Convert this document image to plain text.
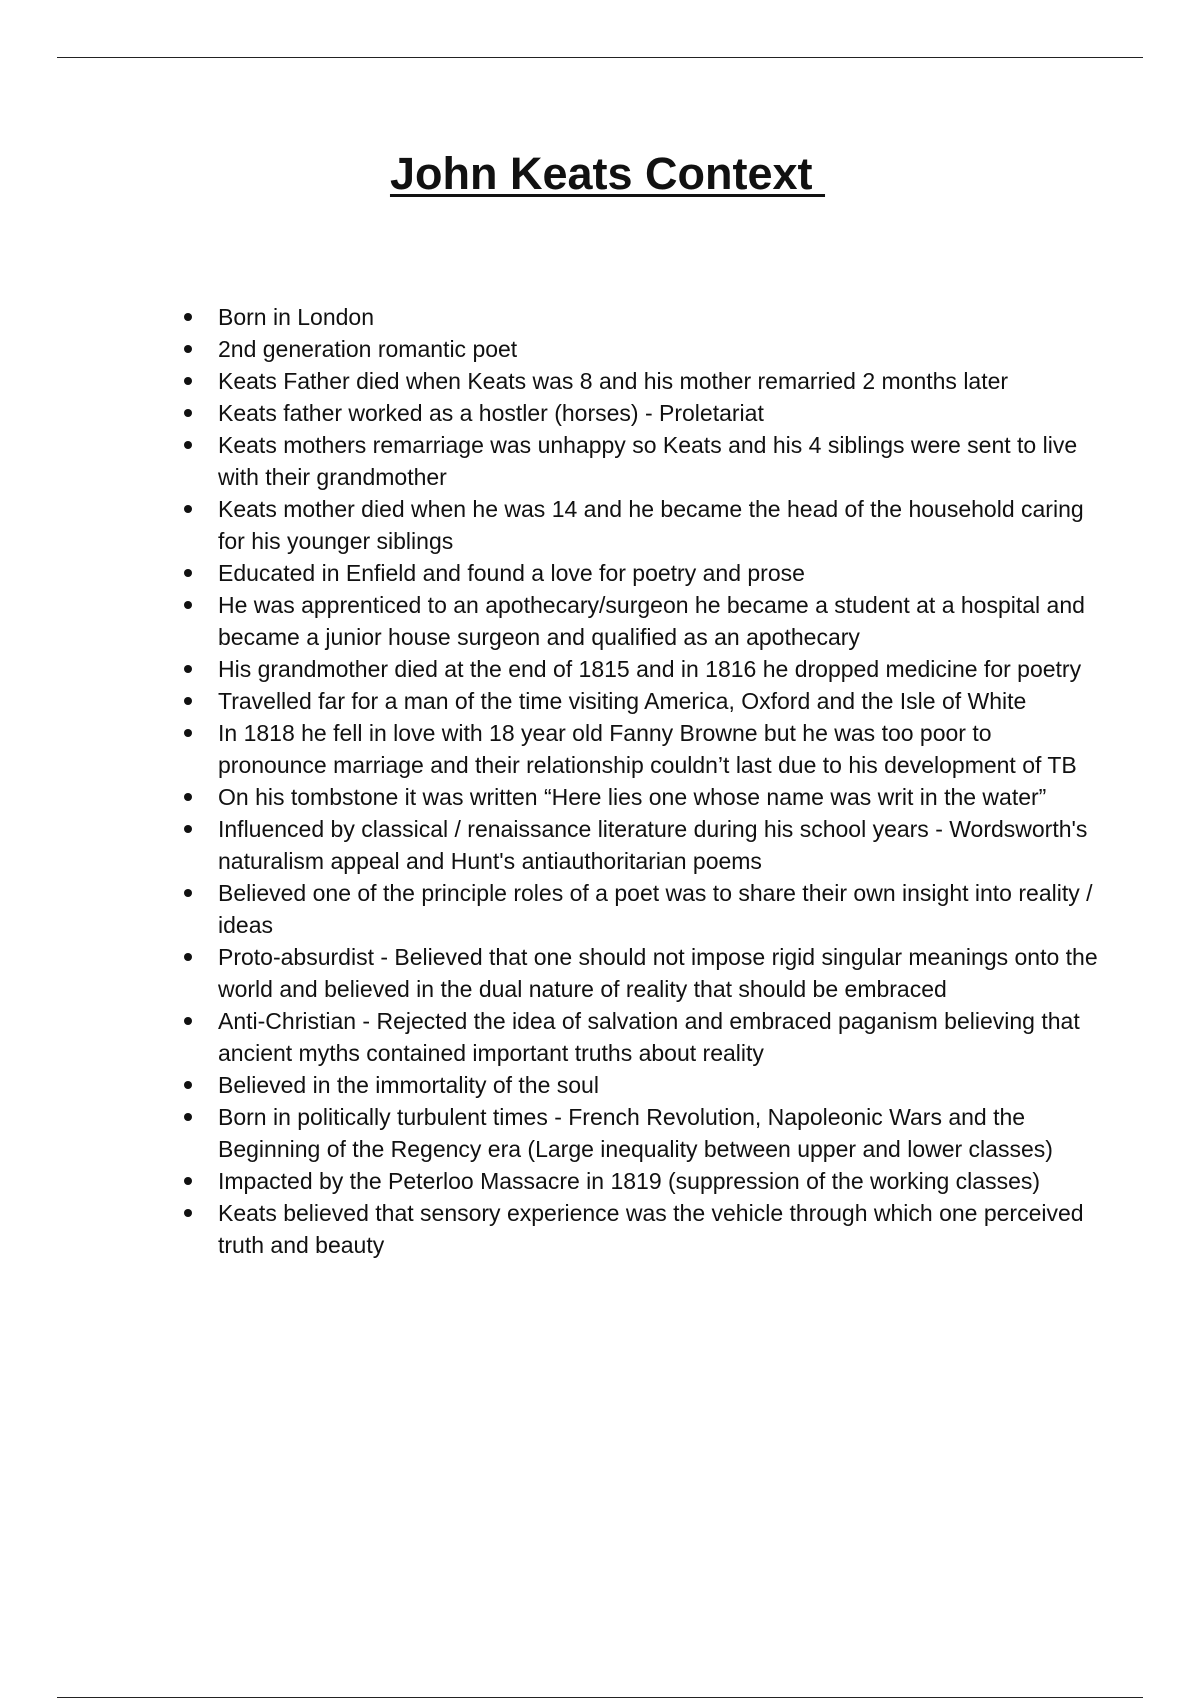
John Keats Context
Born in London
2nd generation romantic poet
Keats Father died when Keats was 8 and his mother remarried 2 months later
Keats father worked as a hostler (horses) - Proletariat
Keats mothers remarriage was unhappy so Keats and his 4 siblings were sent to live with their grandmother
Keats mother died when he was 14 and he became the head of the household caring for his younger siblings
Educated in Enfield and found a love for poetry and prose
He was apprenticed to an apothecary/surgeon he became a student at a hospital and became a junior house surgeon and qualified as an apothecary
His grandmother died at the end of 1815 and in 1816 he dropped medicine for poetry
Travelled far for a man of the time visiting America, Oxford and the Isle of White
In 1818 he fell in love with 18 year old Fanny Browne but he was too poor to pronounce marriage and their relationship couldn’t last due to his development of TB
On his tombstone it was written “Here lies one whose name was writ in the water”
Influenced by classical / renaissance literature during his school years - Wordsworth's naturalism appeal and Hunt's antiauthoritarian poems
Believed one of the principle roles of a poet was to share their own insight into reality / ideas
Proto-absurdist - Believed that one should not impose rigid singular meanings onto the world and believed in the dual nature of reality that should be embraced
Anti-Christian - Rejected the idea of salvation and embraced paganism believing that ancient myths contained important truths about reality
Believed in the immortality of the soul
Born in politically turbulent times - French Revolution, Napoleonic Wars and the Beginning of the Regency era (Large inequality between upper and lower classes)
Impacted by the Peterloo Massacre in 1819 (suppression of the working classes)
Keats believed that sensory experience was the vehicle through which one perceived truth and beauty
